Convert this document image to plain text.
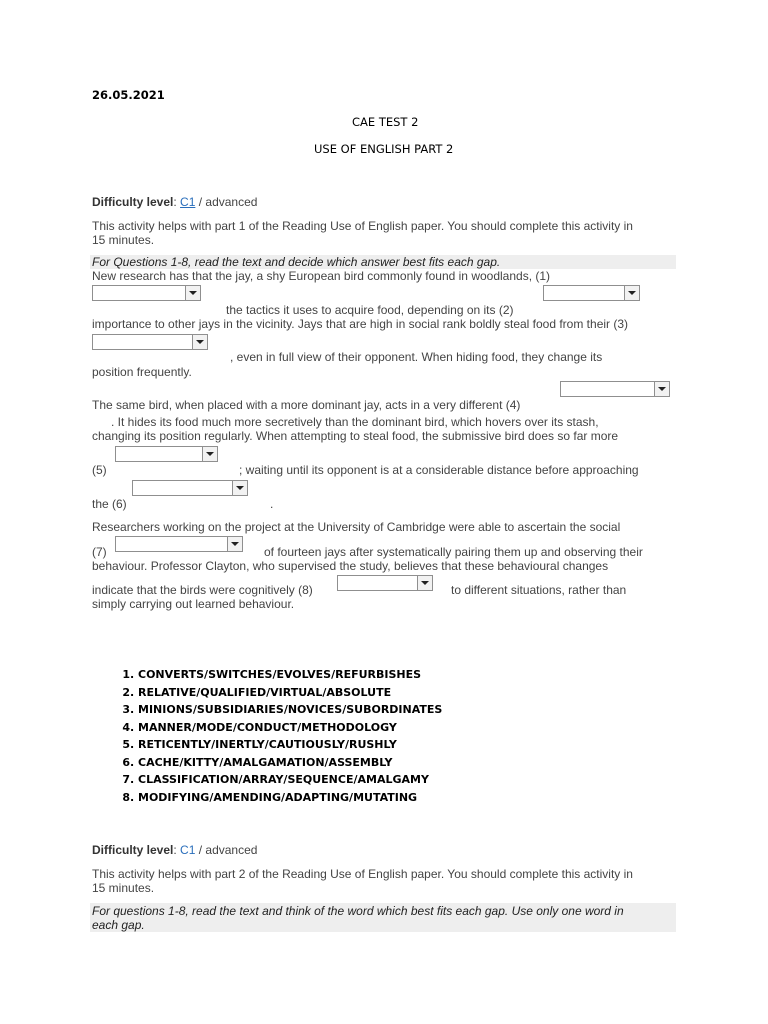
26.05.2021
CAE TEST 2
USE OF ENGLISH PART 2
Difficulty level: C1 / advanced
This activity helps with part 1 of the Reading Use of English paper. You should complete this activity in
15 minutes.
For Questions 1-8, read the text and decide which answer best fits each gap.
New research has that the jay, a shy European bird commonly found in woodlands, (1)
the tactics it uses to acquire food, depending on its (2)
importance to other jays in the vicinity. Jays that are high in social rank boldly steal food from their (3)
, even in full view of their opponent. When hiding food, they change its
position frequently.
The same bird, when placed with a more dominant jay, acts in a very different (4)
. It hides its food much more secretively than the dominant bird, which hovers over its stash,
changing its position regularly. When attempting to steal food, the submissive bird does so far more
(5)	; waiting until its opponent is at a considerable distance before approaching
the (6)	.
Researchers working on the project at the University of Cambridge were able to ascertain the social
(7)	of fourteen jays after systematically pairing them up and observing their
behaviour. Professor Clayton, who supervised the study, believes that these behavioural changes
indicate that the birds were cognitively (8)	to different situations, rather than
simply carrying out learned behaviour.
1. CONVERTS/SWITCHES/EVOLVES/REFURBISHES
2. RELATIVE/QUALIFIED/VIRTUAL/ABSOLUTE
3. MINIONS/SUBSIDIARIES/NOVICES/SUBORDINATES
4. MANNER/MODE/CONDUCT/METHODOLOGY
5. RETICENTLY/INERTLY/CAUTIOUSLY/RUSHLY
6. CACHE/KITTY/AMALGAMATION/ASSEMBLY
7. CLASSIFICATION/ARRAY/SEQUENCE/AMALGAMY
8. MODIFYING/AMENDING/ADAPTING/MUTATING
Difficulty level: C1 / advanced
This activity helps with part 2 of the Reading Use of English paper. You should complete this activity in
15 minutes.
For questions 1-8, read the text and think of the word which best fits each gap. Use only one word in
each gap.
